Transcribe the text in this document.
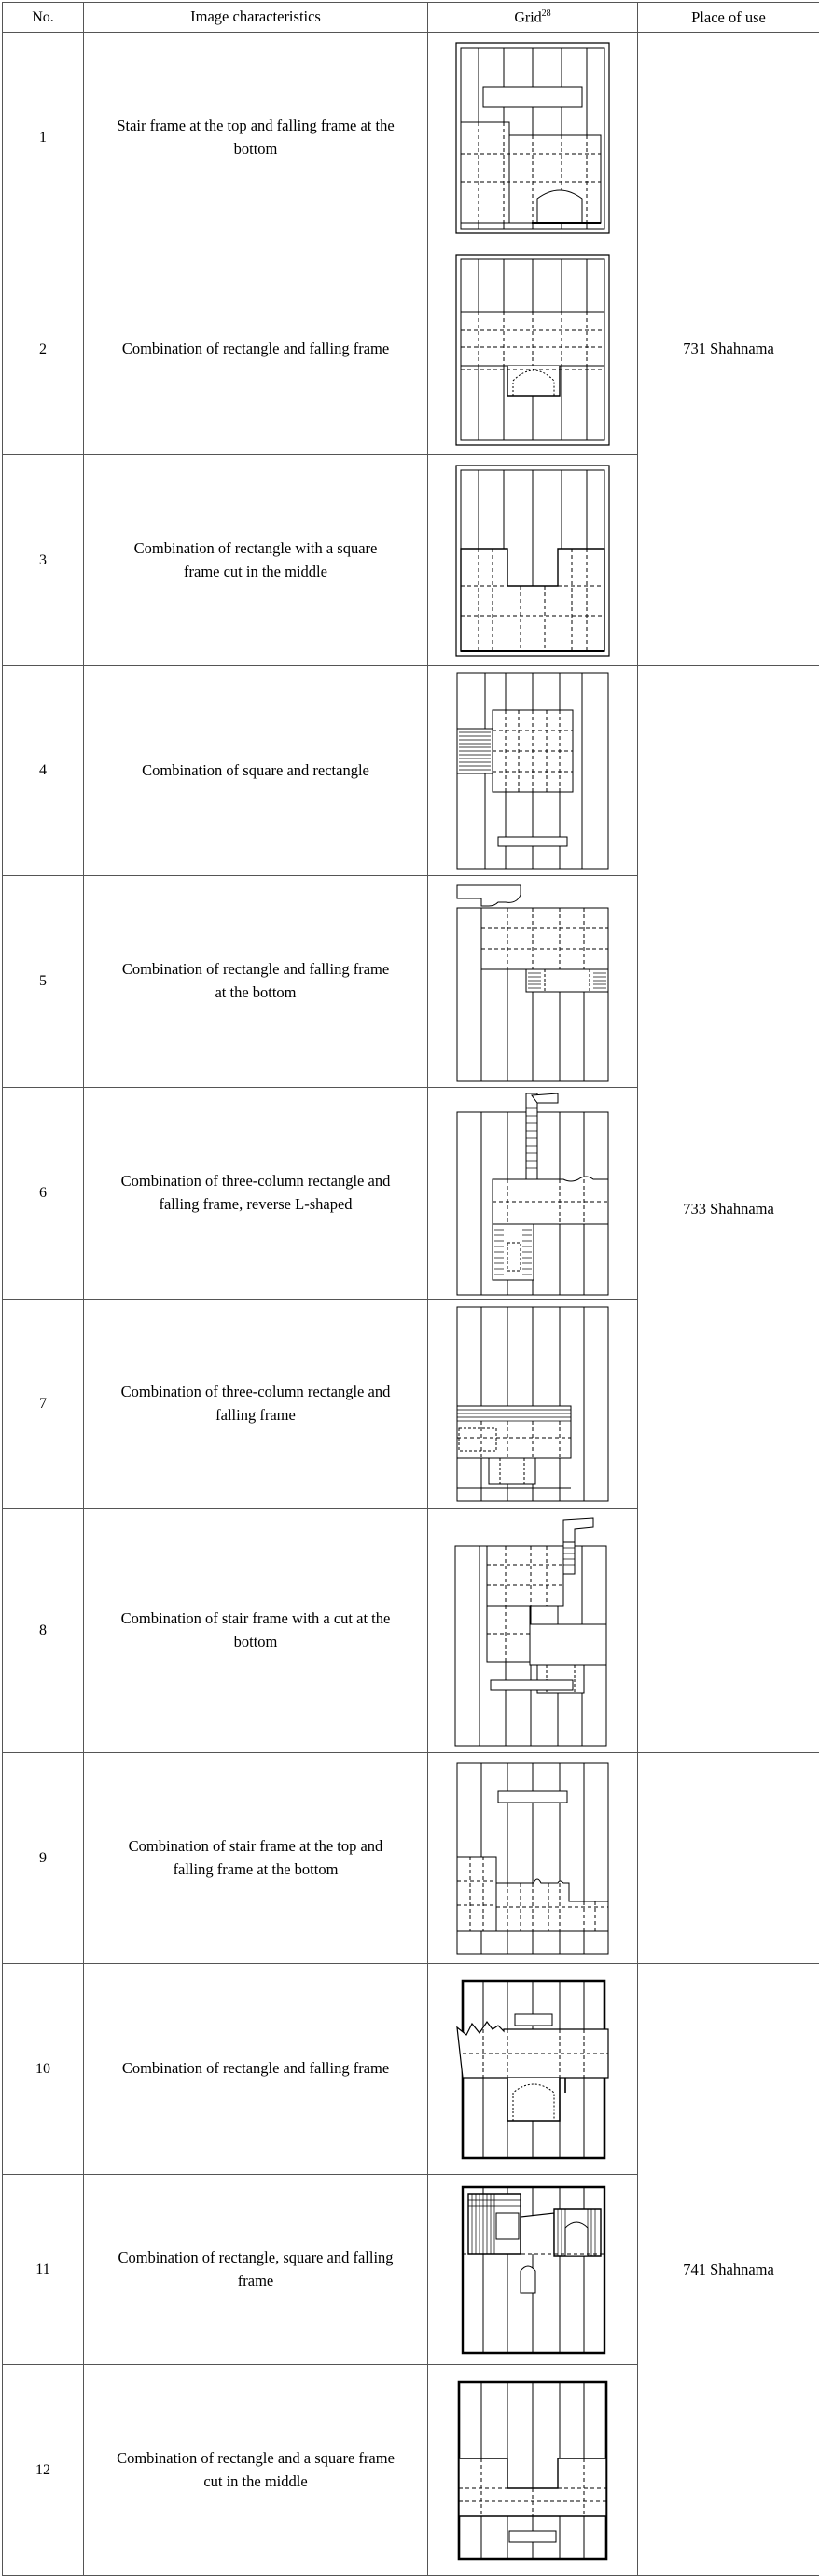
No.	Image characteristics	Grid$^{28}$	Place of use
1	Stair frame at the top and falling frame at the bottom		731 Shahnama
2	Combination of rectangle and falling frame	

3	Combination of rectangle with a square frame cut in the middle	

4	Combination of square and rectangle		733 Shahnama
5	Combination of rectangle and falling frame at the bottom	

6	Combination of three-column rectangle and falling frame, reverse L-shaped	

7	Combination of three-column rectangle and falling frame	

8	Combination of stair frame with a cut at the bottom	

9	Combination of stair frame at the top and falling frame at the bottom	

10	Combination of rectangle and falling frame		741 Shahnama
11	Combination of rectangle, square and falling frame	

12	Combination of rectangle and a square frame cut in the middle	
